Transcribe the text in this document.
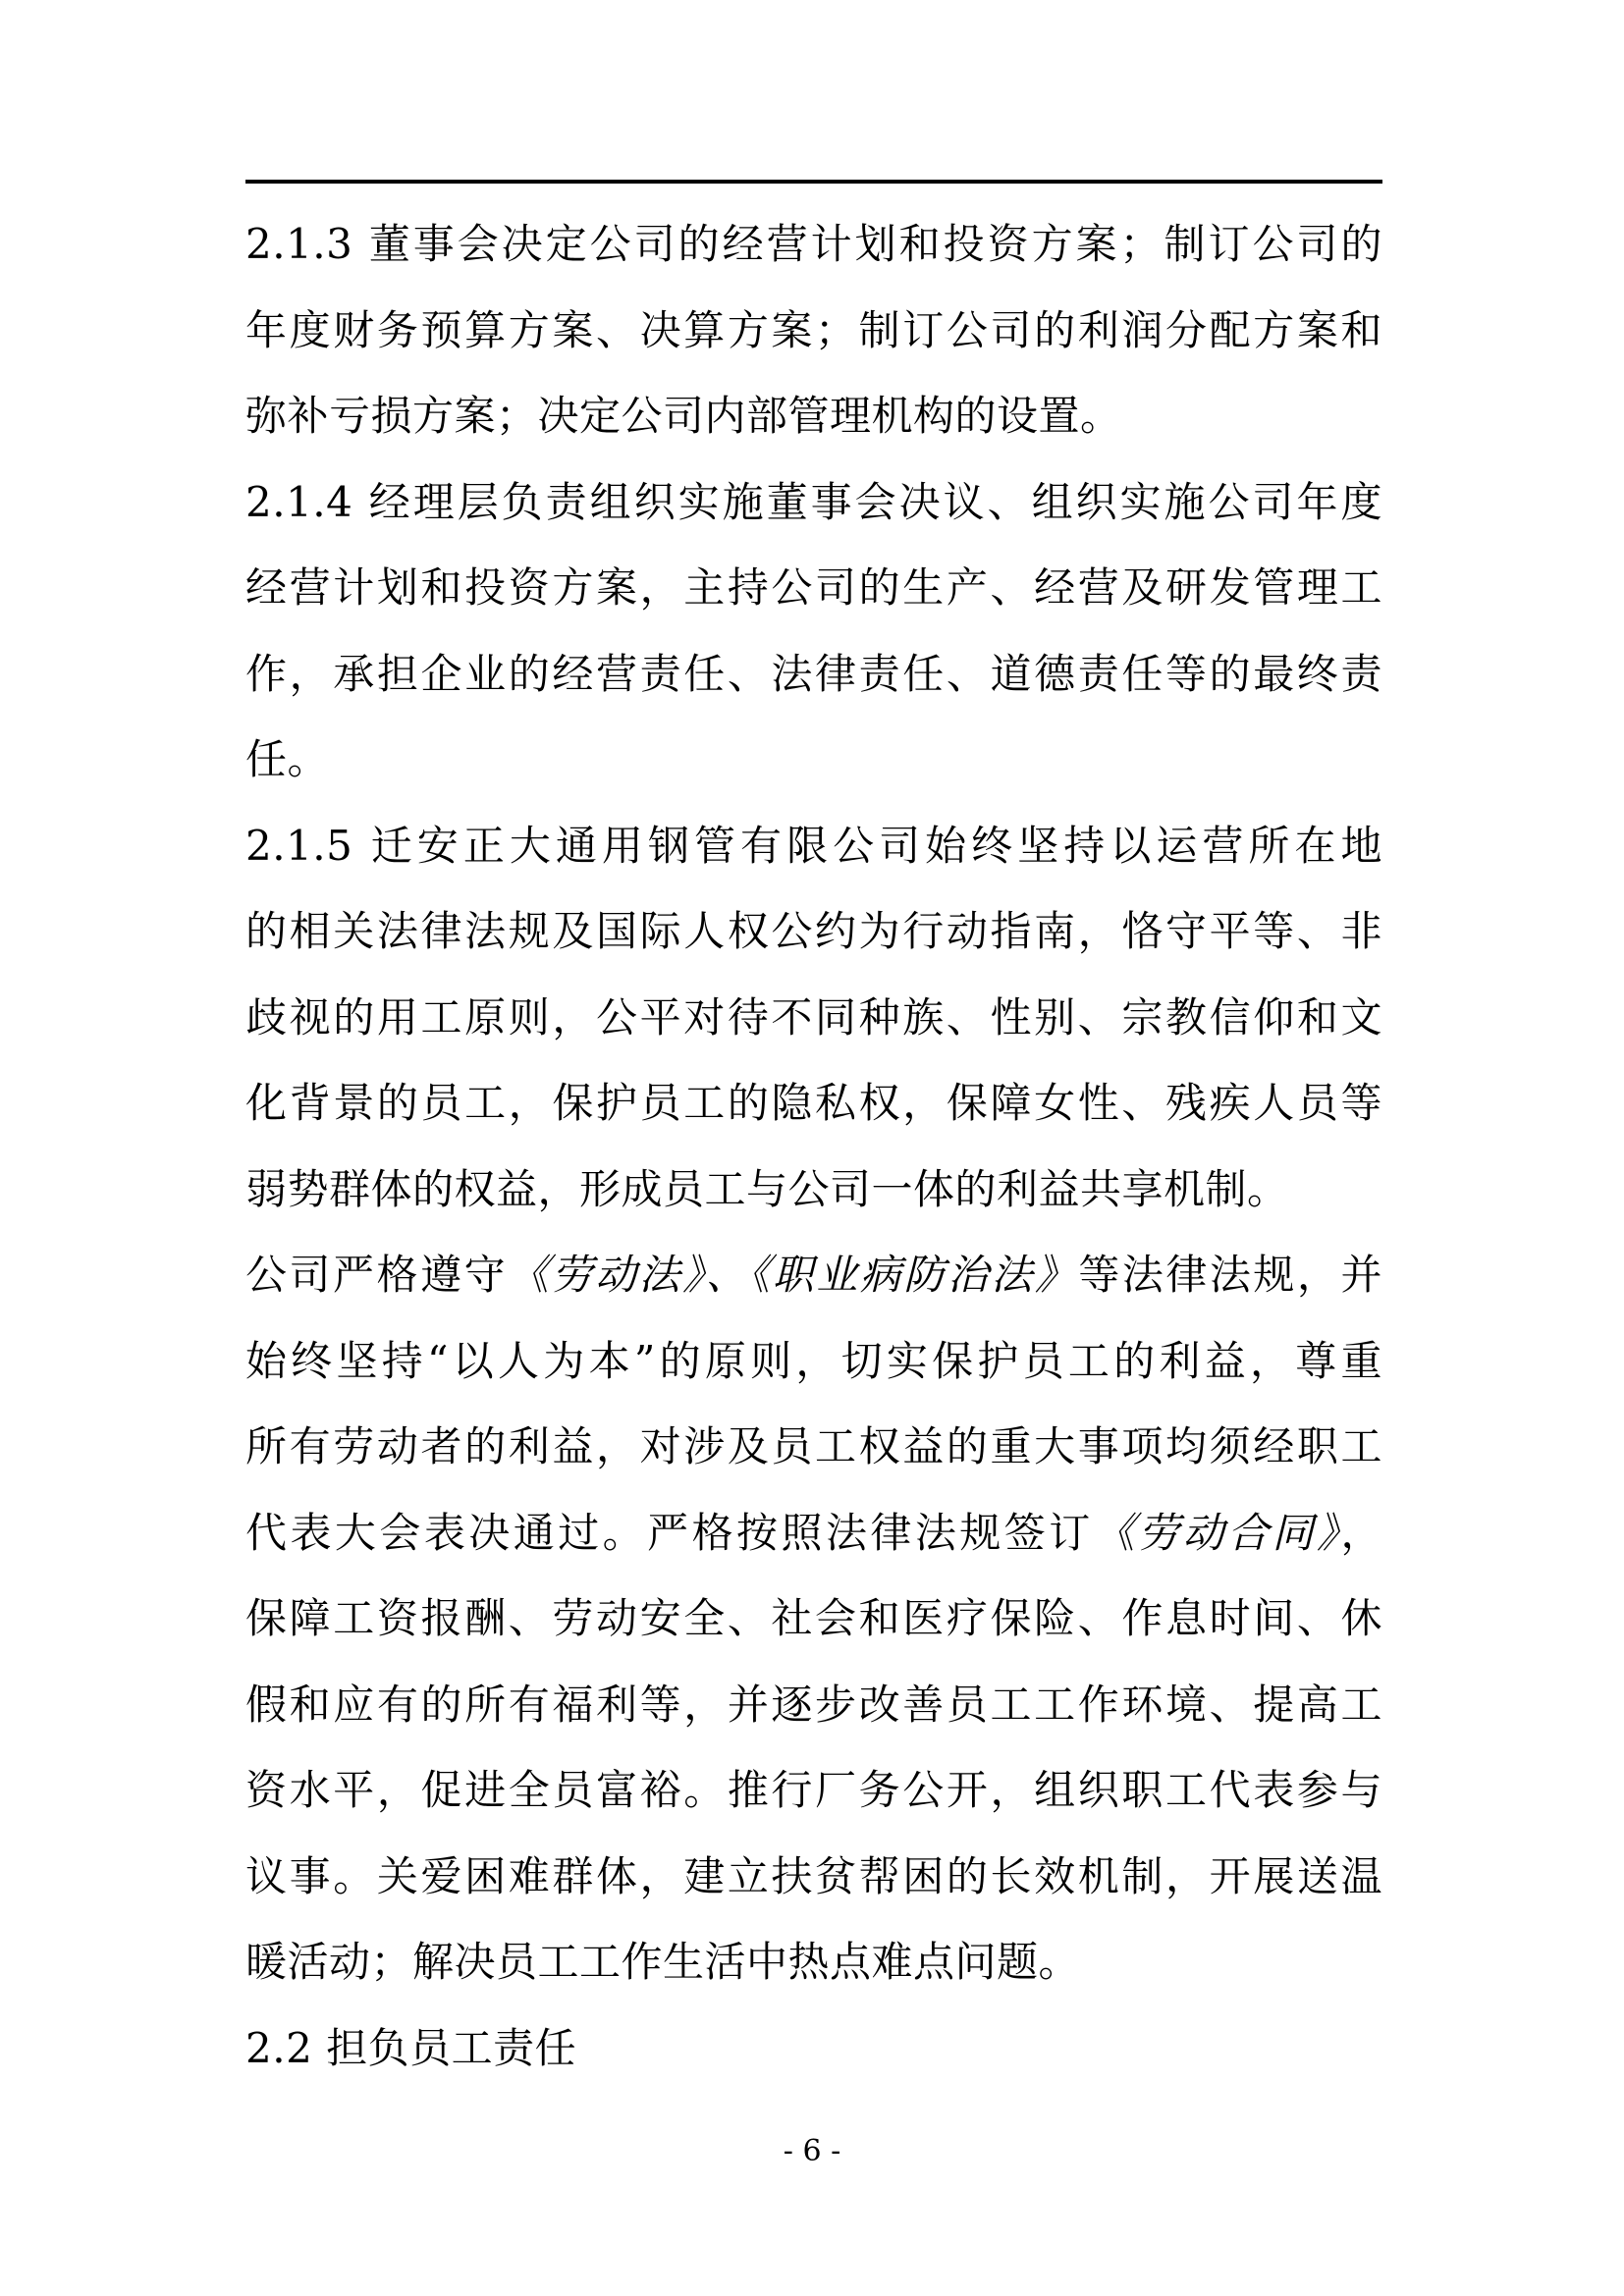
2.1.3 董事会决定公司的经营计划和投资方案；制订公司的

年度财务预算方案、决算方案；制订公司的利润分配方案和

弥补亏损方案；决定公司内部管理机构的设置。

2.1.4 经理层负责组织实施董事会决议、组织实施公司年度

经营计划和投资方案，主持公司的生产、经营及研发管理工

作，承担企业的经营责任、法律责任、道德责任等的最终责

任。

2.1.5 迁安正大通用钢管有限公司始终坚持以运营所在地

的相关法律法规及国际人权公约为行动指南，恪守平等、非

歧视的用工原则，公平对待不同种族、性别、宗教信仰和文

化背景的员工，保护员工的隐私权，保障女性、残疾人员等

弱势群体的权益，形成员工与公司一体的利益共享机制。

公司严格遵守《劳动法》、《职业病防治法》等法律法规，并

始终坚持“以人为本”的原则，切实保护员工的利益，尊重

所有劳动者的利益，对涉及员工权益的重大事项均须经职工

代表大会表决通过。严格按照法律法规签订《劳动合同》，

保障工资报酬、劳动安全、社会和医疗保险、作息时间、休

假和应有的所有福利等，并逐步改善员工工作环境、提高工

资水平，促进全员富裕。推行厂务公开，组织职工代表参与

议事。关爱困难群体，建立扶贫帮困的长效机制，开展送温

暖活动；解决员工工作生活中热点难点问题。

2.2 担负员工责任

- 6 -
